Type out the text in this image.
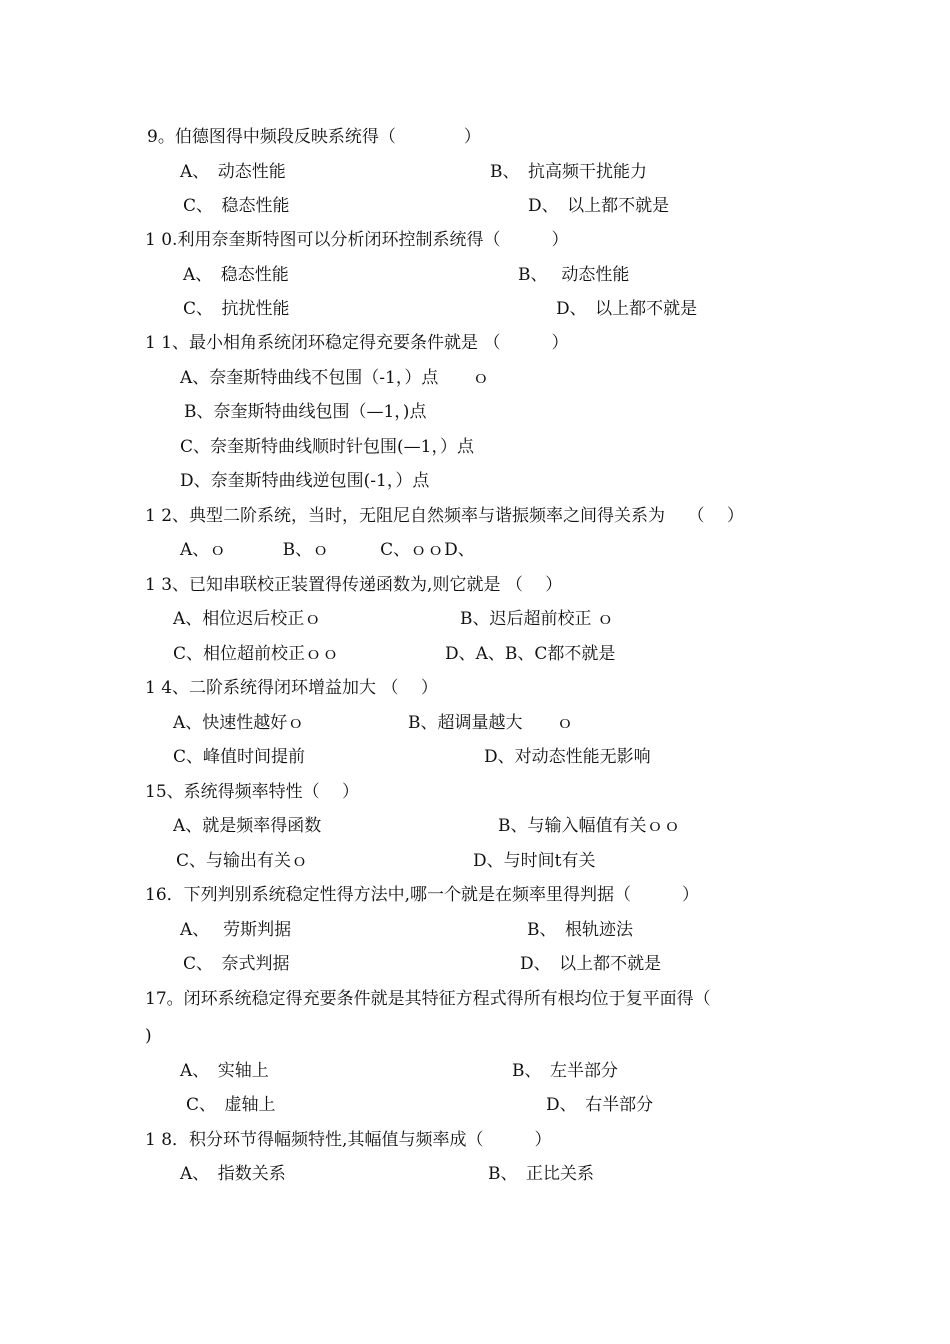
9。伯德图得中频段反映系统得（　　　　）
A、　动态性能	B、　抗高频干扰能力
C、　稳态性能	D、　以上都不就是
1 0.利用奈奎斯特图可以分析闭环控制系统得（　　　）
A、　稳态性能	B、　 动态性能
C、　抗扰性能	D、　以上都不就是
1 1、最小相角系统闭环稳定得充要条件就是 （　　　）
A、奈奎斯特曲线不包围（-1，）点　　ｏ
B、奈奎斯特曲线包围（—1，)点
C、奈奎斯特曲线顺时针包围(—1，）点
D、奈奎斯特曲线逆包围(-1，）点
1 2、典型二阶系统，当时，无阻尼自然频率与谐振频率之间得关系为　 （　 ）
A、ｏ　　　 B、ｏ　　　C、ｏｏD、
1 3、已知串联校正装置得传递函数为,则它就是 （　 ）
A、相位迟后校正ｏ	B、迟后超前校正 ｏ
C、相位超前校正ｏｏ	D、A、B、C都不就是
1 4、二阶系统得闭环增益加大 （　 ）
A、快速性越好ｏ	B、超调量越大　　ｏ
C、峰值时间提前	D、对动态性能无影响
15、系统得频率特性（　 ）
A、就是频率得函数	B、与输入幅值有关ｏｏ
C、与输出有关ｏ	D、与时间t有关
16．下列判别系统稳定性得方法中,哪一个就是在频率里得判据（　　　）
A、　 劳斯判据	B、　根轨迹法
C、　奈式判据	D、　以上都不就是
17。闭环系统稳定得充要条件就是其特征方程式得所有根均位于复平面得（
)
A、　实轴上	B、　左半部分
C、　虚轴上	D、　右半部分
1 8．积分环节得幅频特性,其幅值与频率成（　　　）
A、　指数关系	B、　正比关系
